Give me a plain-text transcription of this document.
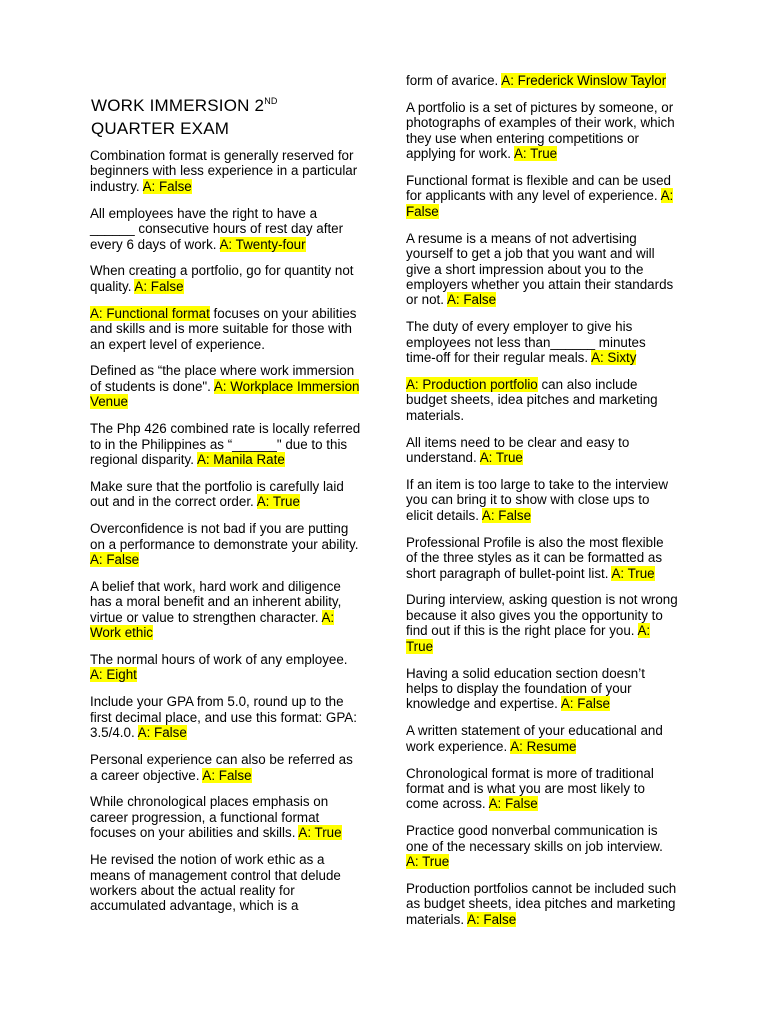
WORK IMMERSION 2ND QUARTER EXAM
Combination format is generally reserved for beginners with less experience in a particular industry. A: False
All employees have the right to have a ______ consecutive hours of rest day after every 6 days of work. A: Twenty-four
When creating a portfolio, go for quantity not quality. A: False
A: Functional format focuses on your abilities and skills and is more suitable for those with an expert level of experience.
Defined as “the place where work immersion of students is done". A: Workplace Immersion Venue
The Php 426 combined rate is locally referred to in the Philippines as “______" due to this regional disparity. A: Manila Rate
Make sure that the portfolio is carefully laid out and in the correct order. A: True
Overconfidence is not bad if you are putting on a performance to demonstrate your ability. A: False
A belief that work, hard work and diligence has a moral benefit and an inherent ability, virtue or value to strengthen character. A: Work ethic
The normal hours of work of any employee. A: Eight
Include your GPA from 5.0, round up to the first decimal place, and use this format: GPA: 3.5/4.0. A: False
Personal experience can also be referred as a career objective. A: False
While chronological places emphasis on career progression, a functional format focuses on your abilities and skills. A: True
He revised the notion of work ethic as a means of management control that delude workers about the actual reality for accumulated advantage, which is a
form of avarice. A: Frederick Winslow Taylor
A portfolio is a set of pictures by someone, or photographs of examples of their work, which they use when entering competitions or applying for work. A: True
Functional format is flexible and can be used for applicants with any level of experience. A: False
A resume is a means of not advertising yourself to get a job that you want and will give a short impression about you to the employers whether you attain their standards or not. A: False
The duty of every employer to give his employees not less than______ minutes time-off for their regular meals. A: Sixty
A: Production portfolio can also include budget sheets, idea pitches and marketing materials.
All items need to be clear and easy to understand. A: True
If an item is too large to take to the interview you can bring it to show with close ups to elicit details. A: False
Professional Profile is also the most flexible of the three styles as it can be formatted as short paragraph of bullet-point list. A: True
During interview, asking question is not wrong because it also gives you the opportunity to find out if this is the right place for you. A: True
Having a solid education section doesn’t helps to display the foundation of your knowledge and expertise. A: False
A written statement of your educational and work experience. A: Resume
Chronological format is more of traditional format and is what you are most likely to come across. A: False
Practice good nonverbal communication is one of the necessary skills on job interview. A: True
Production portfolios cannot be included such as budget sheets, idea pitches and marketing materials. A: False
